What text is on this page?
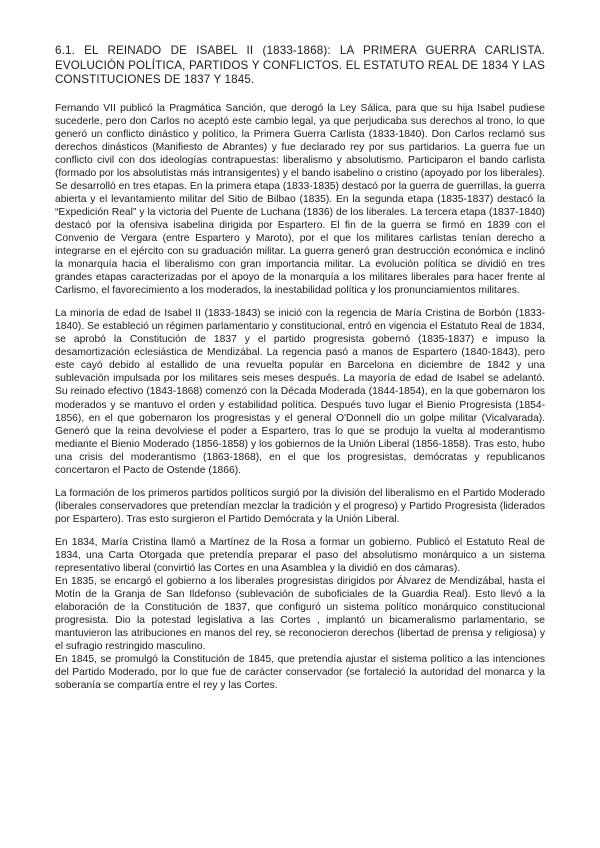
6.1. EL REINADO DE ISABEL II (1833-1868): LA PRIMERA GUERRA CARLISTA. EVOLUCIÓN POLÍTICA, PARTIDOS Y CONFLICTOS. EL ESTATUTO REAL DE 1834 Y LAS CONSTITUCIONES DE 1837 Y 1845.

Fernando VII publicó la Pragmática Sanción, que derogó la Ley Sálica, para que su hija Isabel pudiese sucederle, pero don Carlos no aceptó este cambio legal, ya que perjudicaba sus derechos al trono, lo que generó un conflicto dinástico y político, la Primera Guerra Carlista (1833-1840). Don Carlos reclamó sus derechos dinásticos (Manifiesto de Abrantes) y fue declarado rey por sus partidarios. La guerra fue un conflicto civil con dos ideologías contrapuestas: liberalismo y absolutismo. Participaron el bando carlista (formado por los absolutistas más intransigentes) y el bando isabelino o cristino (apoyado por los liberales). Se desarrolló en tres etapas. En la primera etapa (1833-1835) destacó por la guerra de guerrillas, la guerra abierta y el levantamiento militar del Sitio de Bilbao (1835). En la segunda etapa (1835-1837) destacó la “Expedición Real” y la victoria del Puente de Luchana (1836) de los liberales. La tercera etapa (1837-1840) destacó por la ofensiva isabelina dirigida por Espartero. El fin de la guerra se firmó en 1839 con el Convenio de Vergara (entre Espartero y Maroto), por el que los militares carlistas tenían derecho a integrarse en el ejército con su graduación militar. La guerra generó gran destrucción económica e inclinó la monarquía hacia el liberalismo con gran importancia militar. La evolución política se dividió en tres grandes etapas caracterizadas por el apoyo de la monarquía a los militares liberales para hacer frente al Carlismo, el favorecimiento a los moderados, la inestabilidad política y los pronunciamientos militares.

La minoría de edad de Isabel II (1833-1843) se inició con la regencia de María Cristina de Borbón (1833-1840). Se estableció un régimen parlamentario y constitucional, entró en vigencia el Estatuto Real de 1834, se aprobó la Constitución de 1837 y el partido progresista gobernó (1835-1837) e impuso la desamortización eclesiástica de Mendizábal. La regencia pasó a manos de Espartero (1840-1843), pero este cayó debido al estallido de una revuelta popular en Barcelona en diciembre de 1842 y una sublevación impulsada por los militares seis meses después. La mayoría de edad de Isabel se adelantó. Su reinado efectivo (1843-1868) comenzó con la Década Moderada (1844-1854), en la que gobernaron los moderados y se mantuvo el orden y estabilidad política. Después tuvo lugar el Bienio Progresista (1854-1856), en el que gobernaron los progresistas y el general O'Donnell dio un golpe militar (Vicalvarada). Generó que la reina devolviese el poder a Espartero, tras lo que se produjo la vuelta al moderantismo mediante el Bienio Moderado (1856-1858) y los gobiernos de la Unión Liberal (1856-1858). Tras esto, hubo una crisis del moderantismo (1863-1868), en el que los progresistas, demócratas y republicanos concertaron el Pacto de Ostende (1866).

La formación de los primeros partidos políticos surgió por la división del liberalismo en el Partido Moderado (liberales conservadores que pretendían mezclar la tradición y el progreso) y Partido Progresista (liderados por Espartero). Tras esto surgieron el Partido Demócrata y la Unión Liberal.

En 1834, María Cristina llamó a Martínez de la Rosa a formar un gobierno. Publicó el Estatuto Real de 1834, una Carta Otorgada que pretendía preparar el paso del absolutismo monárquico a un sistema representativo liberal (convirtió las Cortes en una Asamblea y la dividió en dos cámaras).

En 1835, se encargó el gobierno a los liberales progresistas dirigidos por Álvarez de Mendizábal, hasta el Motín de la Granja de San Ildefonso (sublevación de suboficiales de la Guardia Real). Esto llevó a la elaboración de la Constitución de 1837, que configuró un sistema político monárquico constitucional progresista. Dio la potestad legislativa a las Cortes , implantó un bicameralismo parlamentario, se mantuvieron las atribuciones en manos del rey, se reconocieron derechos (libertad de prensa y religiosa) y el sufragio restringido masculino.

En 1845, se promulgó la Constitución de 1845, que pretendía ajustar el sistema político a las intenciones del Partido Moderado, por lo que fue de carácter conservador (se fortaleció la autoridad del monarca y la soberanía se compartía entre el rey y las Cortes.
